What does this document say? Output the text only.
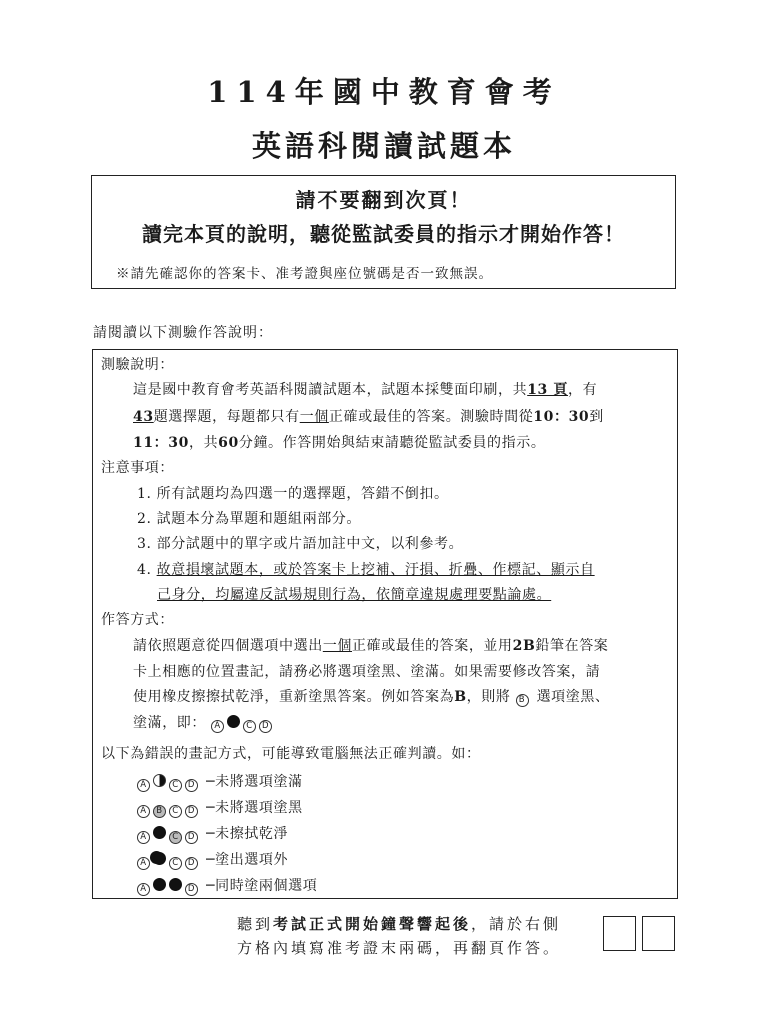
114年國中教育會考
英語科閱讀試題本
請不要翻到次頁！
讀完本頁的說明，聽從監試委員的指示才開始作答！
※請先確認你的答案卡、准考證與座位號碼是否一致無誤。
請閱讀以下測驗作答說明：
測驗說明：
這是國中教育會考英語科閱讀試題本，試題本採雙面印刷，共13 頁，有
43題選擇題，每題都只有一個正確或最佳的答案。測驗時間從10：30到
11：30，共60分鐘。作答開始與結束請聽從監試委員的指示。
注意事項：
1. 所有試題均為四選一的選擇題，答錯不倒扣。
2. 試題本分為單題和題組兩部分。
3. 部分試題中的單字或片語加註中文，以利參考。
4. 故意損壞試題本，或於答案卡上挖補、汙損、折疊、作標記、顯示自
己身分，均屬違反試場規則行為，依簡章違規處理要點論處。
作答方式：
請依照題意從四個選項中選出一個正確或最佳的答案，並用2B鉛筆在答案
卡上相應的位置畫記，請務必將選項塗黑、塗滿。如果需要修改答案，請
使用橡皮擦擦拭乾淨，重新塗黑答案。例如答案為B，則將 B 選項塗黑、
塗滿，即： A	C D
以下為錯誤的畫記方式，可能導致電腦無法正確判讀。如：
A	C D ─未將選項塗滿
A B C D ─未將選項塗黑
A	C D ─未擦拭乾淨
A	C D ─塗出選項外
A	D ─同時塗兩個選項
聽到考試正式開始鐘聲響起後，請於右側
方格內填寫准考證末兩碼，再翻頁作答。
